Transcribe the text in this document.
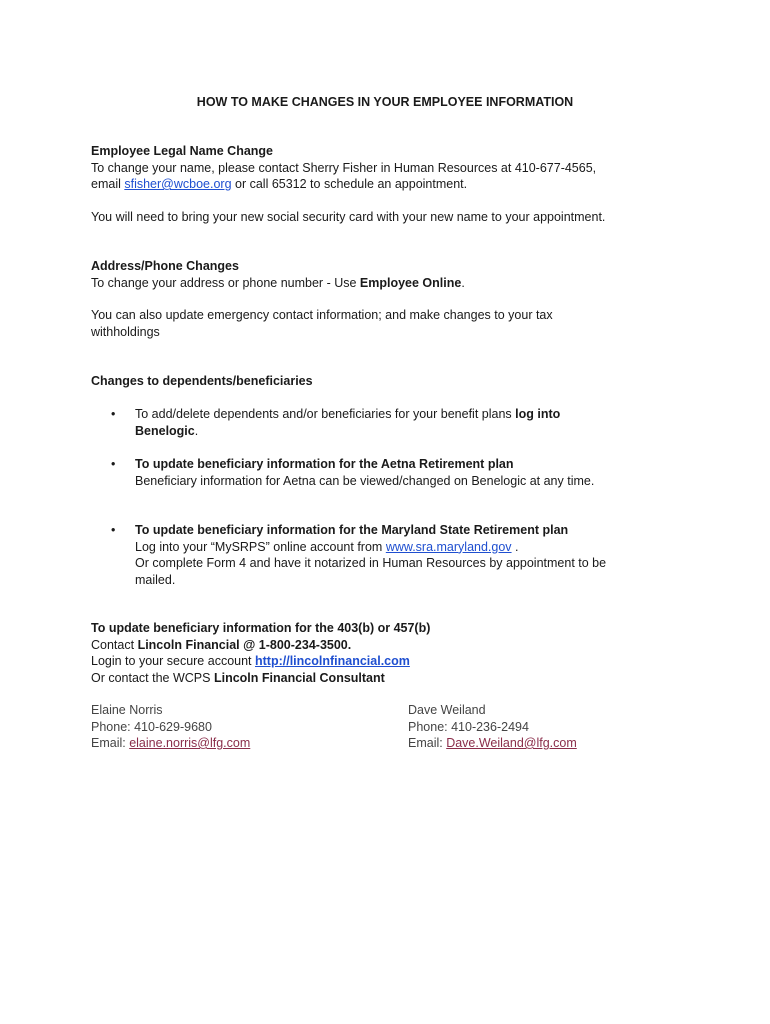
HOW TO MAKE CHANGES IN YOUR EMPLOYEE INFORMATION
Employee Legal Name Change
To change your name, please contact Sherry Fisher in Human Resources at 410-677-4565,
email sfisher@wcboe.org or call 65312 to schedule an appointment.
You will need to bring your new social security card with your new name to your appointment.
Address/Phone Changes
To change your address or phone number - Use Employee Online.
You can also update emergency contact information; and make changes to your tax
withholdings
Changes to dependents/beneficiaries
• To add/delete dependents and/or beneficiaries for your benefit plans log into
Benelogic.
• To update beneficiary information for the Aetna Retirement plan
Beneficiary information for Aetna can be viewed/changed on Benelogic at any time.
• To update beneficiary information for the Maryland State Retirement plan
Log into your “MySRPS” online account from www.sra.maryland.gov .
Or complete Form 4 and have it notarized in Human Resources by appointment to be
mailed.
To update beneficiary information for the 403(b) or 457(b)
Contact Lincoln Financial @ 1-800-234-3500.
Login to your secure account http://lincolnfinancial.com
Or contact the WCPS Lincoln Financial Consultant
Elaine Norris
Phone: 410-629-9680
Email: elaine.norris@lfg.com
Dave Weiland
Phone: 410-236-2494
Email: Dave.Weiland@lfg.com
